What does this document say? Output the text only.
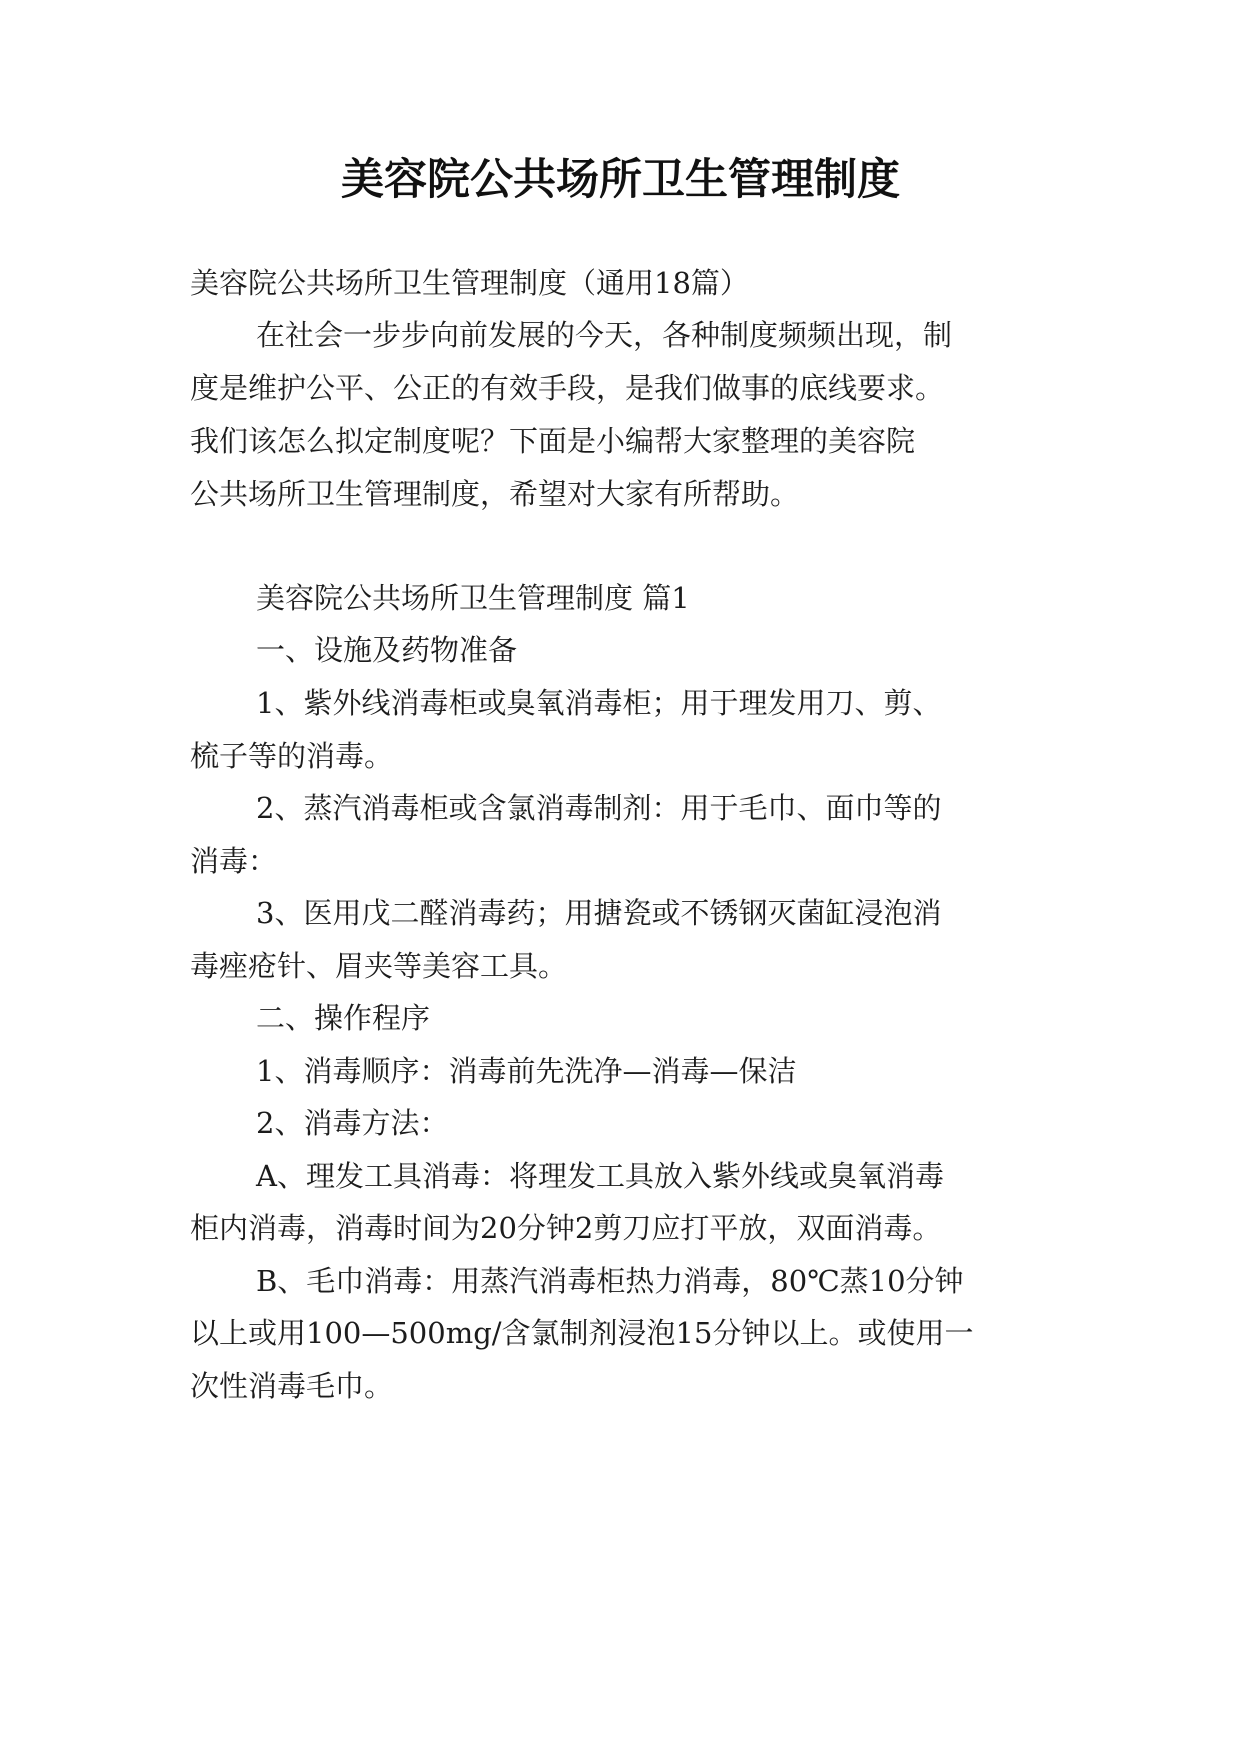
美容院公共场所卫生管理制度
美容院公共场所卫生管理制度（通用18篇）
在社会一步步向前发展的今天，各种制度频频出现，制
度是维护公平、公正的有效手段，是我们做事的底线要求。
我们该怎么拟定制度呢？下面是小编帮大家整理的美容院
公共场所卫生管理制度，希望对大家有所帮助。
美容院公共场所卫生管理制度 篇1
一、设施及药物准备
1、紫外线消毒柜或臭氧消毒柜；用于理发用刀、剪、
梳子等的消毒。
2、蒸汽消毒柜或含氯消毒制剂：用于毛巾、面巾等的
消毒：
3、医用戊二醛消毒药；用搪瓷或不锈钢灭菌缸浸泡消
毒痤疮针、眉夹等美容工具。
二、操作程序
1、消毒顺序：消毒前先洗净—消毒—保洁
2、消毒方法：
A、理发工具消毒：将理发工具放入紫外线或臭氧消毒
柜内消毒，消毒时间为20分钟2剪刀应打平放，双面消毒。
B、毛巾消毒：用蒸汽消毒柜热力消毒，80℃蒸10分钟
以上或用100—500mg/含氯制剂浸泡15分钟以上。或使用一
次性消毒毛巾。
